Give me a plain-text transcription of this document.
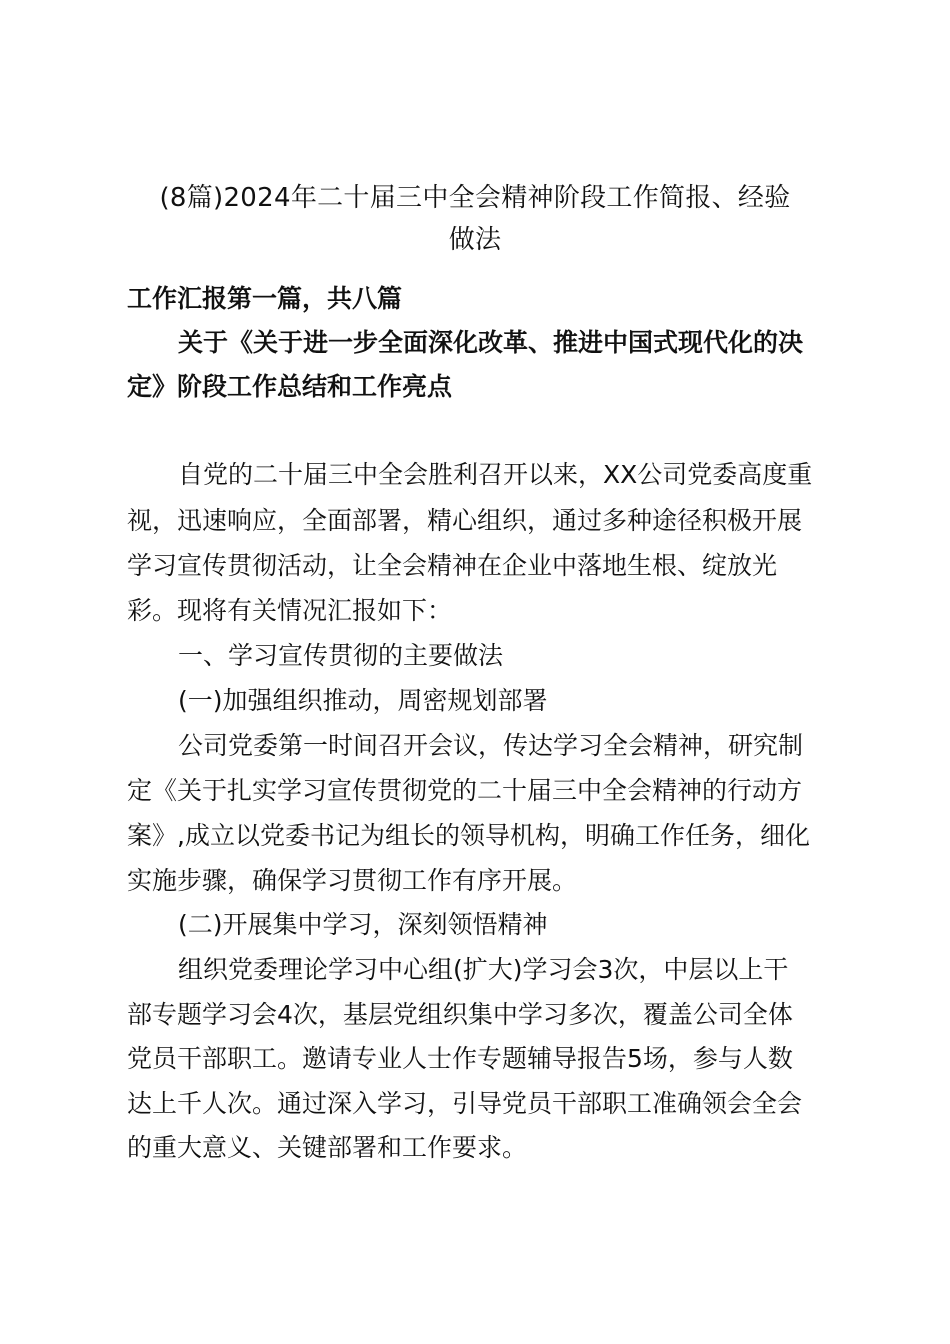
(8篇)2024年二十届三中全会精神阶段工作简报、经验
做法
工作汇报第一篇，共八篇
关于《关于进一步全面深化改革、推进中国式现代化的决
定》阶段工作总结和工作亮点
自党的二十届三中全会胜利召开以来，XX公司党委高度重
视，迅速响应，全面部署，精心组织，通过多种途径积极开展
学习宣传贯彻活动，让全会精神在企业中落地生根、绽放光
彩。现将有关情况汇报如下：
一、学习宣传贯彻的主要做法
(一)加强组织推动，周密规划部署
公司党委第一时间召开会议，传达学习全会精神，研究制
定《关于扎实学习宣传贯彻党的二十届三中全会精神的行动方
案》,成立以党委书记为组长的领导机构，明确工作任务，细化
实施步骤，确保学习贯彻工作有序开展。
(二)开展集中学习，深刻领悟精神
组织党委理论学习中心组(扩大)学习会3次，中层以上干
部专题学习会4次，基层党组织集中学习多次，覆盖公司全体
党员干部职工。邀请专业人士作专题辅导报告5场，参与人数
达上千人次。通过深入学习，引导党员干部职工准确领会全会
的重大意义、关键部署和工作要求。
